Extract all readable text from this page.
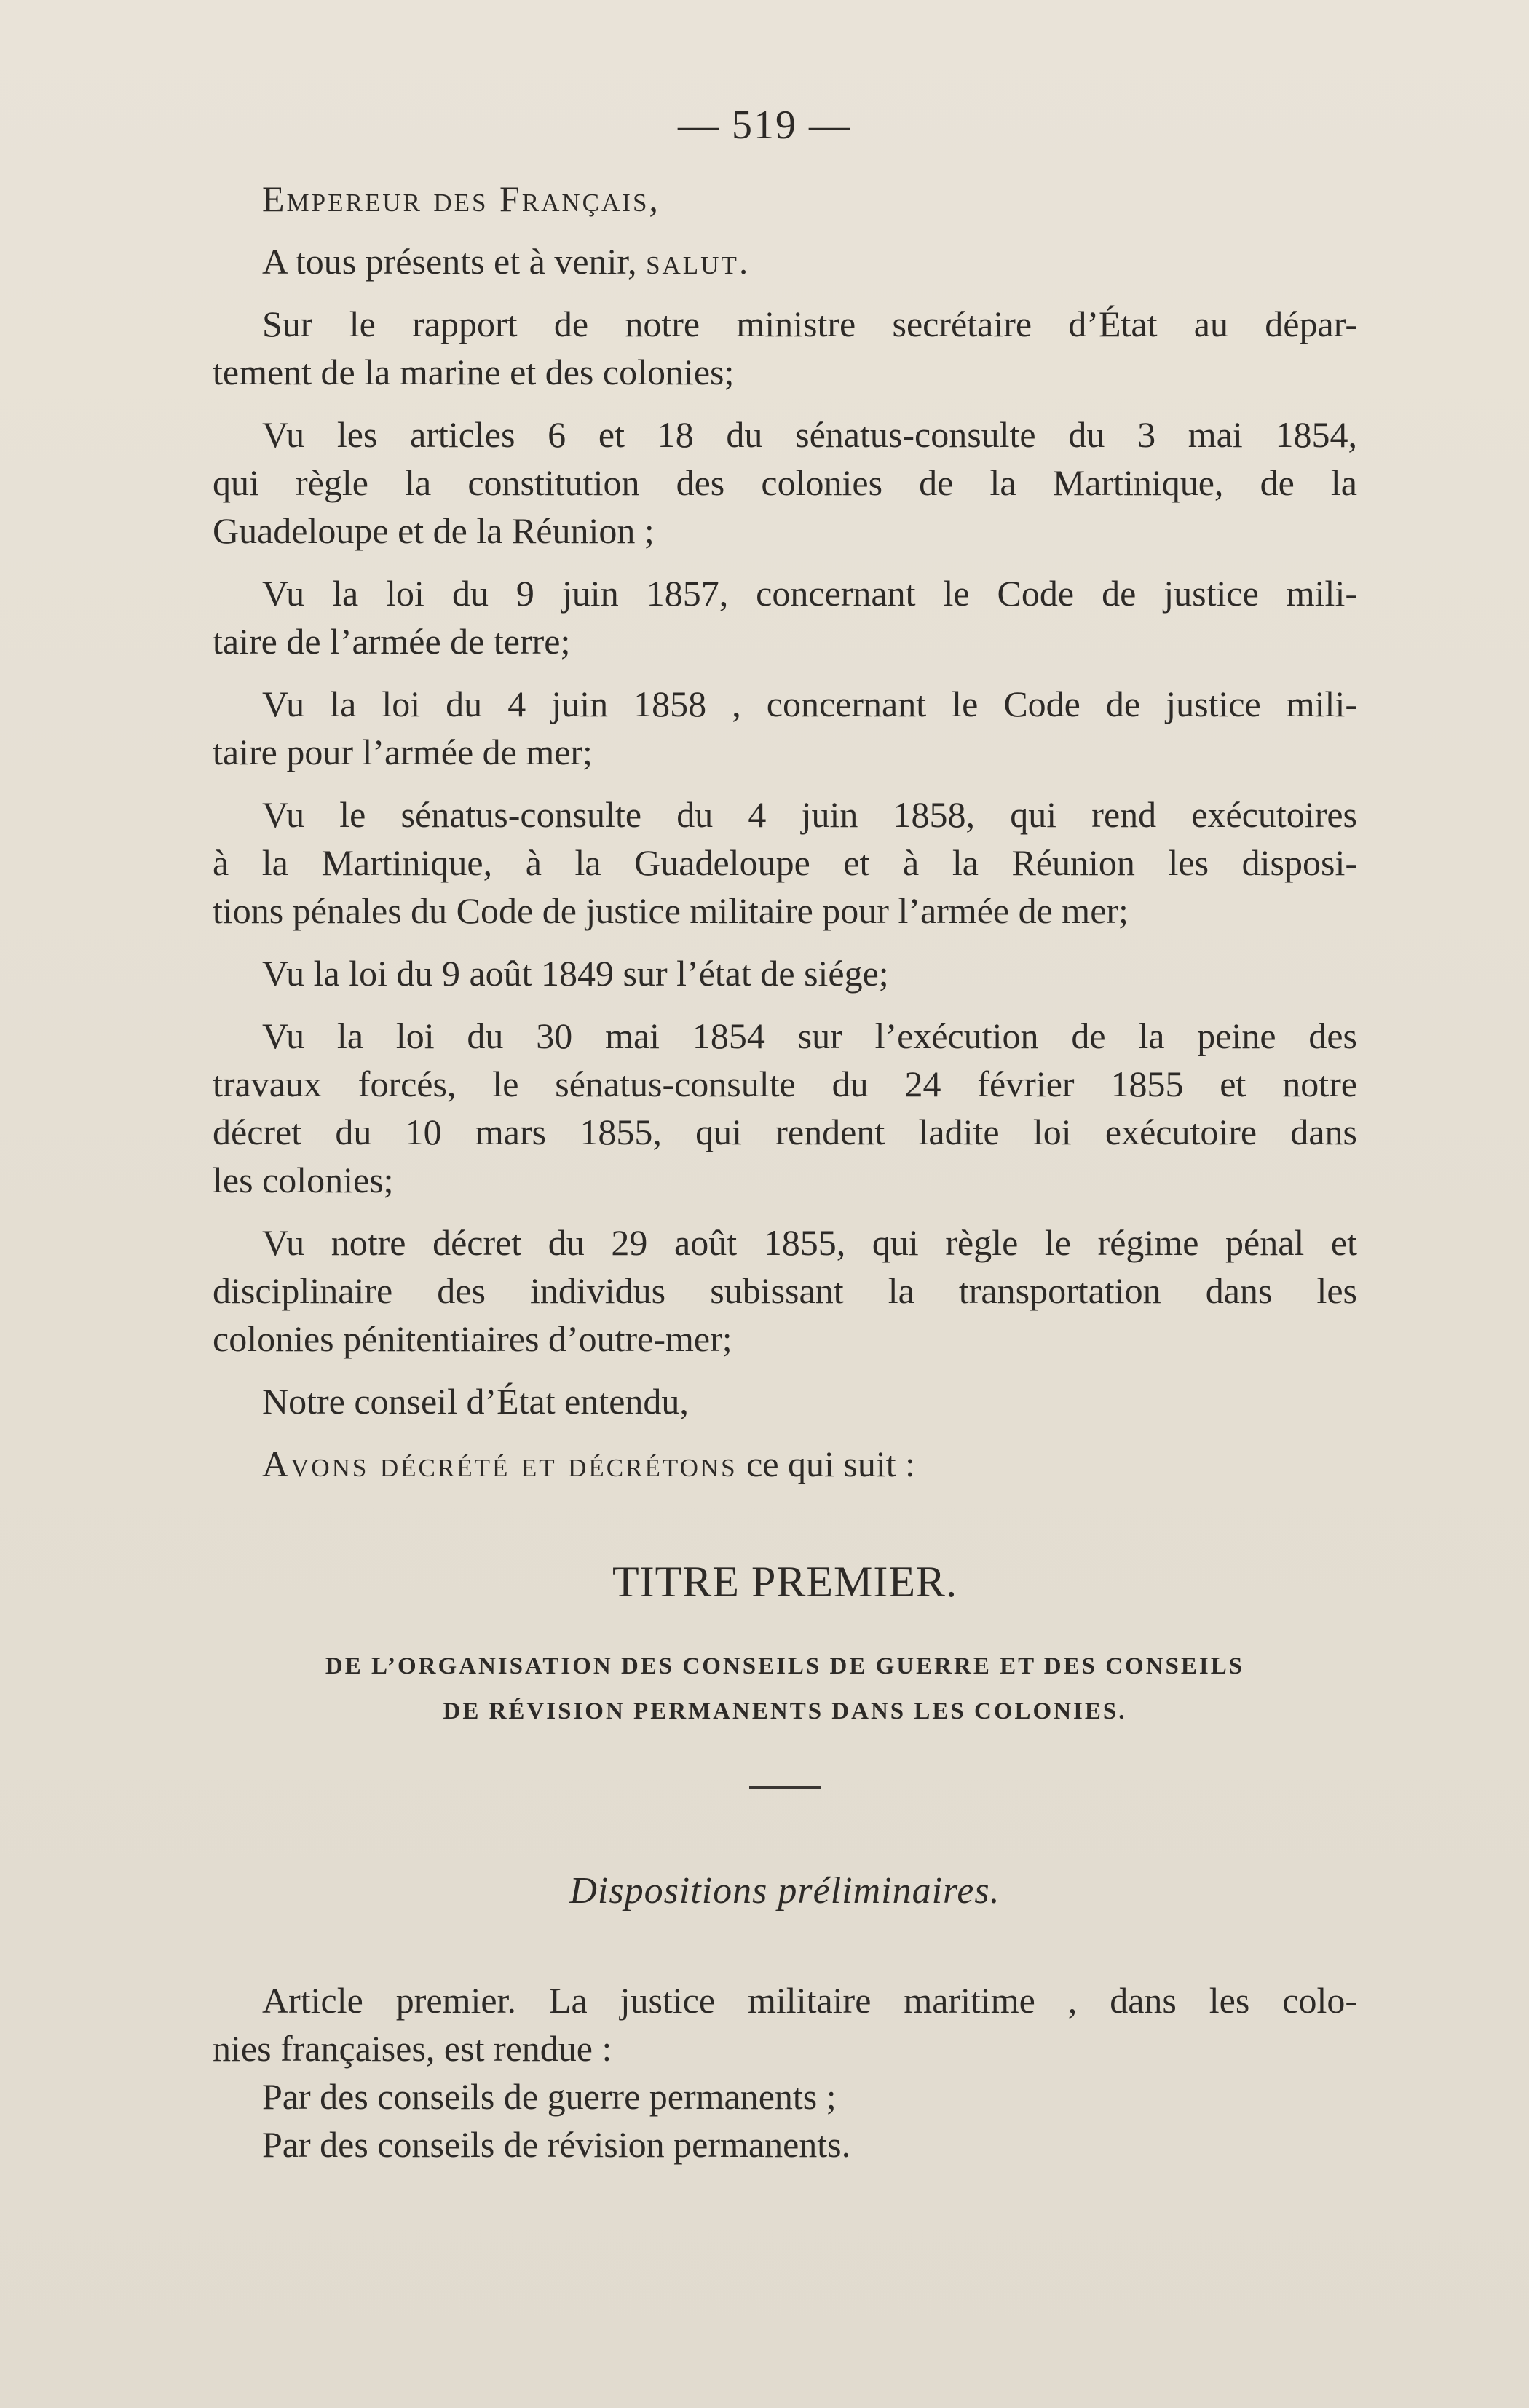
— 519 —
Empereur des Français,
A tous présents et à venir, salut.
Sur le rapport de notre ministre secrétaire d’État au dépar-
tement de la marine et des colonies;
Vu les articles 6 et 18 du sénatus-consulte du 3 mai 1854,
qui règle la constitution des colonies de la Martinique, de la
Guadeloupe et de la Réunion ;
Vu la loi du 9 juin 1857, concernant le Code de justice mili-
taire de l’armée de terre;
Vu la loi du 4 juin 1858 , concernant le Code de justice mili-
taire pour l’armée de mer;
Vu le sénatus-consulte du 4 juin 1858, qui rend exécutoires
à la Martinique, à la Guadeloupe et à la Réunion les disposi-
tions pénales du Code de justice militaire pour l’armée de mer;
Vu la loi du 9 août 1849 sur l’état de siége;
Vu la loi du 30 mai 1854 sur l’exécution de la peine des
travaux forcés, le sénatus-consulte du 24 février 1855 et notre
décret du 10 mars 1855, qui rendent ladite loi exécutoire dans
les colonies;
Vu notre décret du 29 août 1855, qui règle le régime pénal et
disciplinaire des individus subissant la transportation dans les
colonies pénitentiaires d’outre-mer;
Notre conseil d’État entendu,
Avons décrété et décrétons ce qui suit :
TITRE PREMIER.
DE L’ORGANISATION DES CONSEILS DE GUERRE ET DES CONSEILS
DE RÉVISION PERMANENTS DANS LES COLONIES.
Dispositions préliminaires.
Article premier. La justice militaire maritime , dans les colo-
nies françaises, est rendue :
Par des conseils de guerre permanents ;
Par des conseils de révision permanents.
